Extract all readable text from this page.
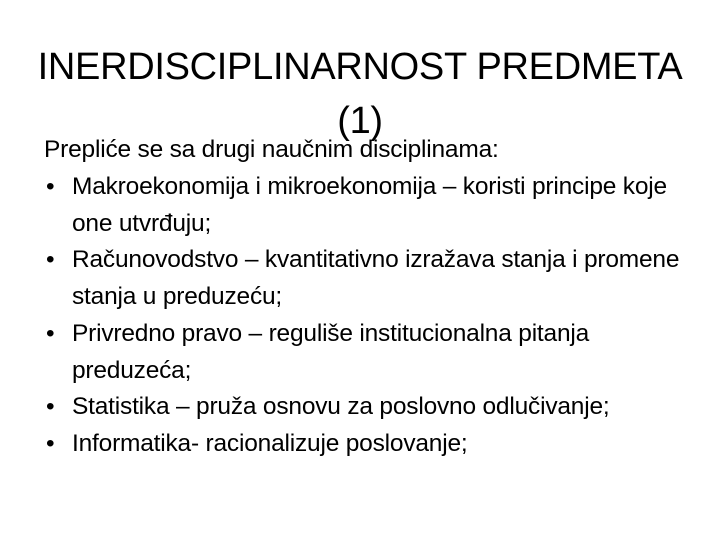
INERDISCIPLINARNOST PREDMETA
(1)

Prepliće se sa drugi naučnim disciplinama:

• Makroekonomija i mikroekonomija – koristi principe koje one utvrđuju;
• Računovodstvo – kvantitativno izražava stanja i promene stanja u preduzeću;
• Privredno pravo – reguliše institucionalna pitanja preduzeća;
• Statistika – pruža osnovu za poslovno odlučivanje;
• Informatika- racionalizuje poslovanje;
